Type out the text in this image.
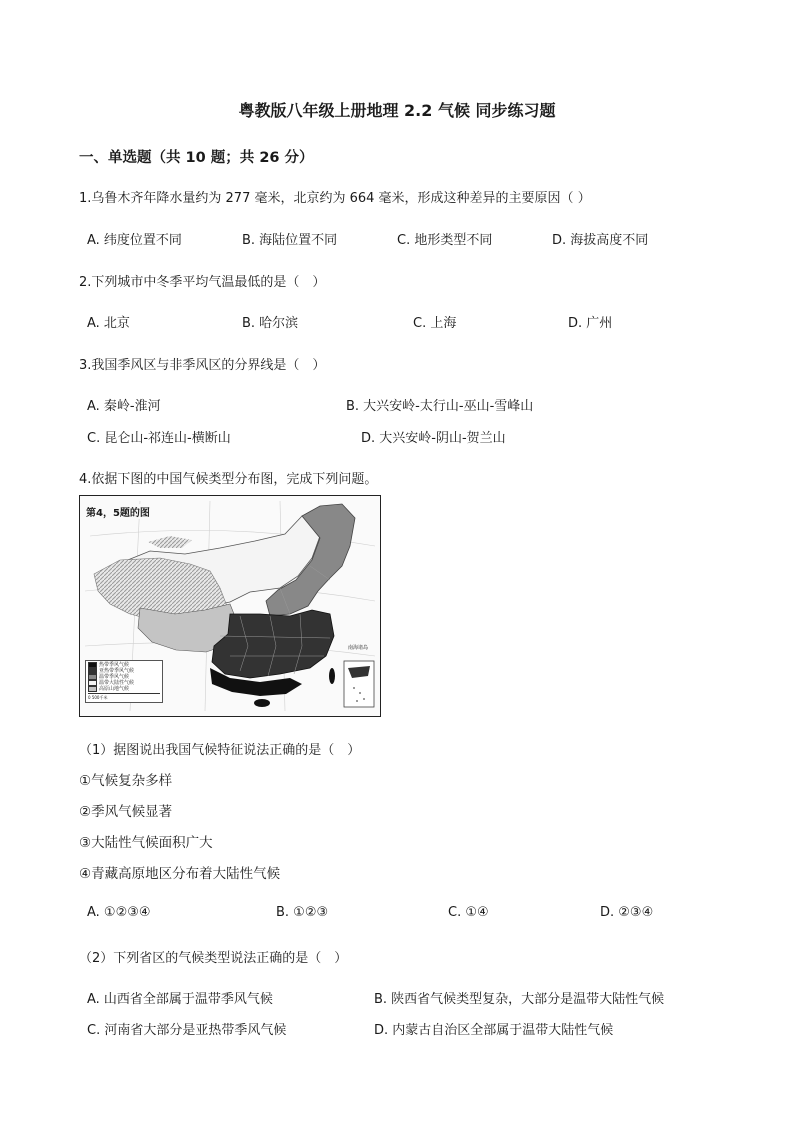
粤教版八年级上册地理 2.2 气候 同步练习题
一、单选题（共 10 题；共 26 分）
1.乌鲁木齐年降水量约为 277 毫米，北京约为 664 毫米，形成这种差异的主要原因（ ）
A. 纬度位置不同	B. 海陆位置不同	C. 地形类型不同	D. 海拔高度不同
2.下列城市中冬季平均气温最低的是（　）
A. 北京	B. 哈尔滨	C. 上海	D. 广州
3.我国季风区与非季风区的分界线是（　）
A. 秦岭-淮河	B. 大兴安岭-太行山-巫山-雪峰山
C. 昆仑山-祁连山-横断山	D. 大兴安岭-阴山-贺兰山
4.依据下图的中国气候类型分布图，完成下列问题。
第4，5题的图
南海诸岛
热带季风气候
亚热带季风气候
温带季风气候
温带大陆性气候
高原山地气候
0 500千米
（1）据图说出我国气候特征说法正确的是（　）
①气候复杂多样
②季风气候显著
③大陆性气候面积广大
④青藏高原地区分布着大陆性气候
A. ①②③④	B. ①②③	C. ①④	D. ②③④
（2）下列省区的气候类型说法正确的是（　）
A. 山西省全部属于温带季风气候	B. 陕西省气候类型复杂，大部分是温带大陆性气候
C. 河南省大部分是亚热带季风气候	D. 内蒙古自治区全部属于温带大陆性气候
